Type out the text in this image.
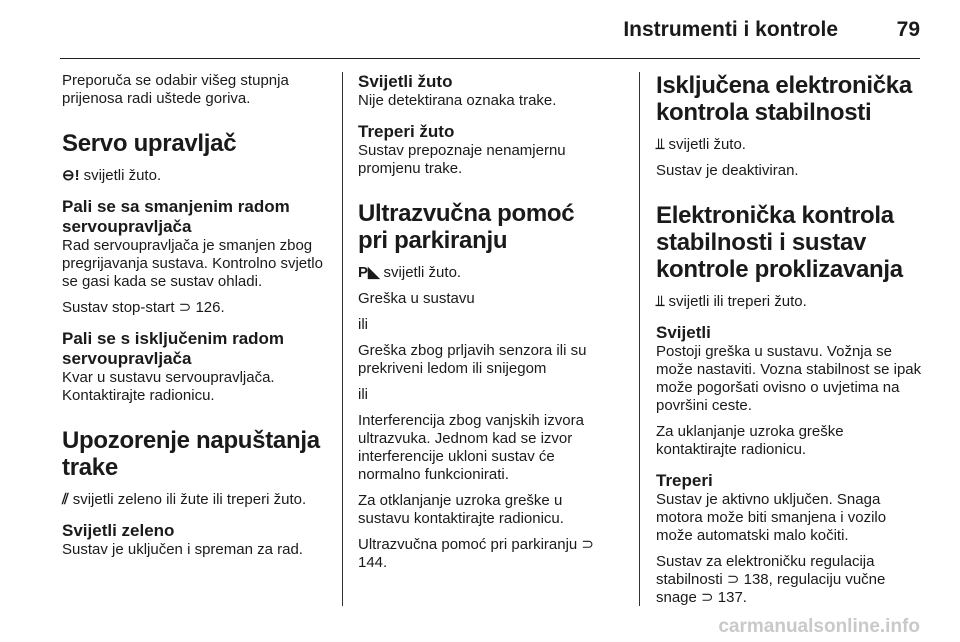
Instrumenti i kontrole	79

Preporuča se odabir višeg stupnja prijenosa radi uštede goriva.

Servo upravljač

⊖! svijetli žuto.

Pali se sa smanjenim radom servoupravljača

Rad servoupravljača je smanjen zbog pregrijavanja sustava. Kontrolno svjetlo se gasi kada se sustav ohladi.

Sustav stop-start ⊃ 126.

Pali se s isključenim radom servoupravljača

Kvar u sustavu servoupravljača. Kontaktirajte radionicu.

Upozorenje napuštanja trake

⫽ svijetli zeleno ili žute ili treperi žuto.

Svijetli zeleno

Sustav je uključen i spreman za rad.

Svijetli žuto

Nije detektirana oznaka trake.

Treperi žuto

Sustav prepoznaje nenamjernu promjenu trake.

Ultrazvučna pomoć pri parkiranju

P◣ svijetli žuto.

Greška u sustavu

ili

Greška zbog prljavih senzora ili su prekriveni ledom ili snijegom

ili

Interferencija zbog vanjskih izvora ultrazvuka. Jednom kad se izvor interferencije ukloni sustav će normalno funkcionirati.

Za otklanjanje uzroka greške u sustavu kontaktirajte radionicu.

Ultrazvučna pomoć pri parkiranju ⊃ 144.

Isključena elektronička kontrola stabilnosti

⫫ svijetli žuto.

Sustav je deaktiviran.

Elektronička kontrola stabilnosti i sustav kontrole proklizavanja

⫫ svijetli ili treperi žuto.

Svijetli

Postoji greška u sustavu. Vožnja se može nastaviti. Vozna stabilnost se ipak može pogoršati ovisno o uvjetima na površini ceste.

Za uklanjanje uzroka greške kontaktirajte radionicu.

Treperi

Sustav je aktivno uključen. Snaga motora može biti smanjena i vozilo može automatski malo kočiti.

Sustav za elektroničku regulacija stabilnosti ⊃ 138, regulaciju vučne snage ⊃ 137.

carmanualsonline.info
